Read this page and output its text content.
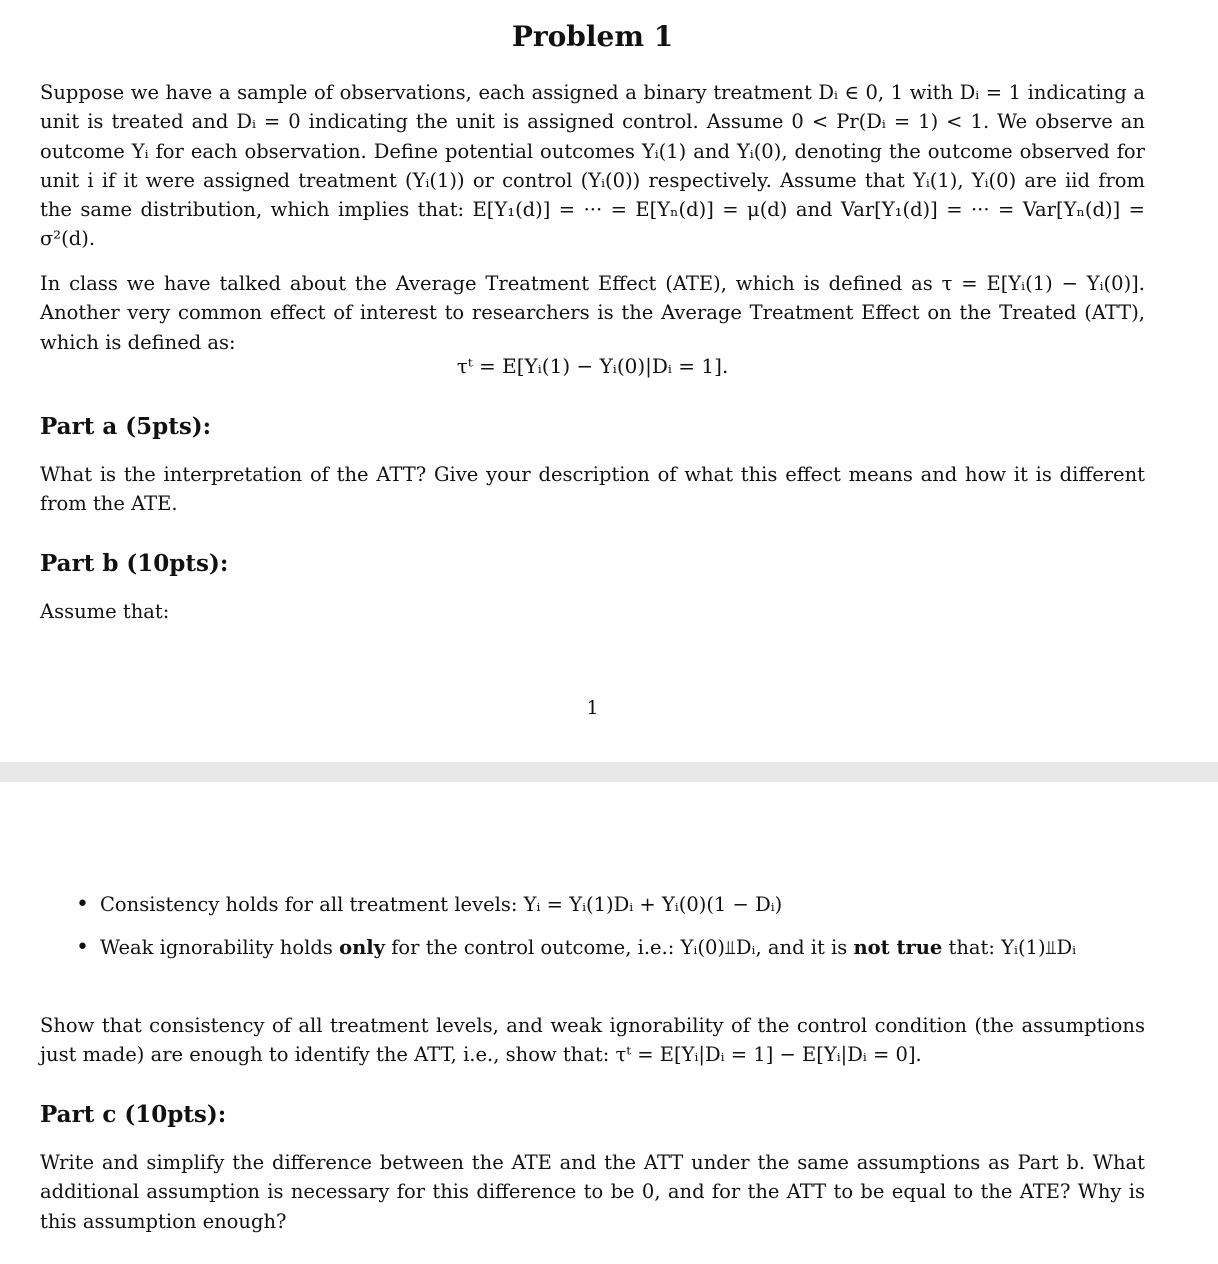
Problem 1

Suppose we have a sample of observations, each assigned a binary treatment Dᵢ ∈ 0, 1 with Dᵢ = 1 indicating a unit is treated and Dᵢ = 0 indicating the unit is assigned control. Assume 0 < Pr(Dᵢ = 1) < 1. We observe an outcome Yᵢ for each observation. Define potential outcomes Yᵢ(1) and Yᵢ(0), denoting the outcome observed for unit i if it were assigned treatment (Yᵢ(1)) or control (Yᵢ(0)) respectively. Assume that Yᵢ(1), Yᵢ(0) are iid from the same distribution, which implies that: E[Y₁(d)] = ··· = E[Yₙ(d)] = μ(d) and Var[Y₁(d)] = ··· = Var[Yₙ(d)] = σ²(d).

In class we have talked about the Average Treatment Effect (ATE), which is defined as τ = E[Yᵢ(1) − Yᵢ(0)]. Another very common effect of interest to researchers is the Average Treatment Effect on the Treated (ATT), which is defined as:

τᵗ = E[Yᵢ(1) − Yᵢ(0)|Dᵢ = 1].
Part a (5pts):

What is the interpretation of the ATT? Give your description of what this effect means and how it is different from the ATE.

Part b (10pts):

Assume that:

1
• Consistency holds for all treatment levels: Yᵢ = Yᵢ(1)Dᵢ + Yᵢ(0)(1 − Dᵢ)
• Weak ignorability holds only for the control outcome, i.e.: Yᵢ(0)⫫Dᵢ, and it is not true that: Yᵢ(1)⫫Dᵢ

Show that consistency of all treatment levels, and weak ignorability of the control condition (the assumptions just made) are enough to identify the ATT, i.e., show that: τᵗ = E[Yᵢ|Dᵢ = 1] − E[Yᵢ|Dᵢ = 0].

Part c (10pts):

Write and simplify the difference between the ATE and the ATT under the same assumptions as Part b. What additional assumption is necessary for this difference to be 0, and for the ATT to be equal to the ATE? Why is this assumption enough?
